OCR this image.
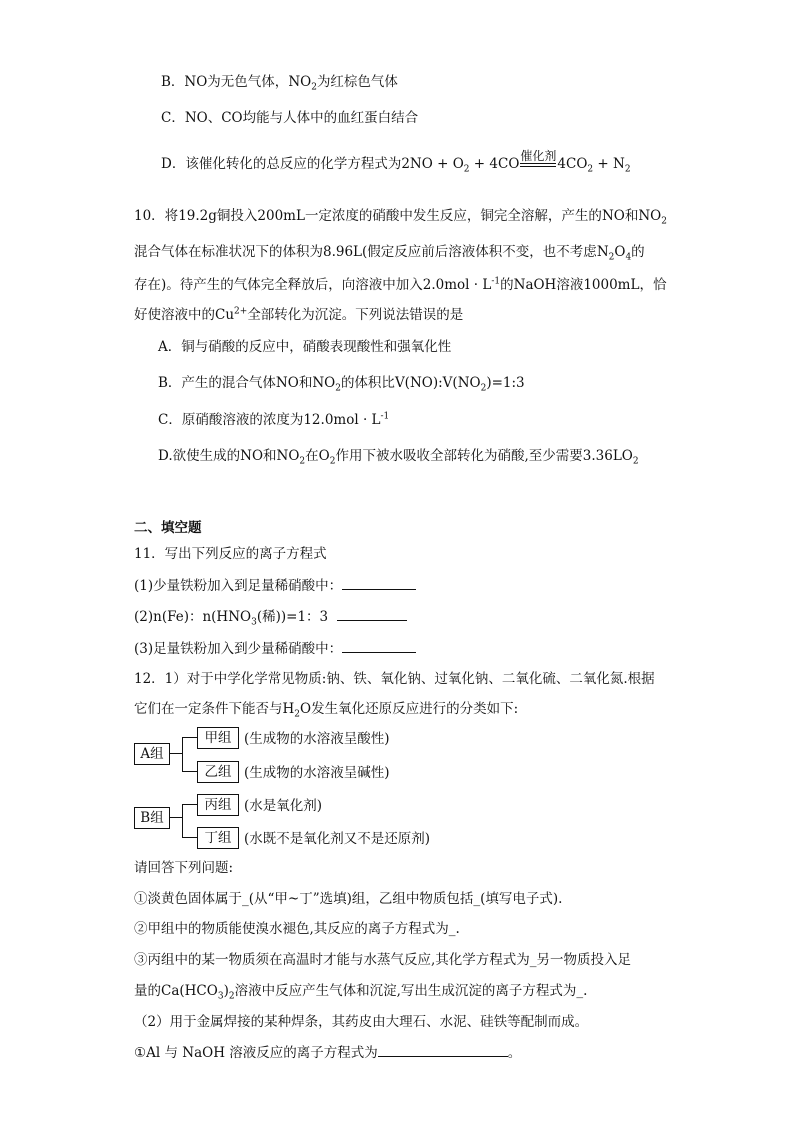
B．NO为无色气体，$NO_2$为红棕色气体
C．NO、CO均能与人体中的血红蛋白结合
D．该催化转化的总反应的化学方程式为$2NO + O_2 + 4CO$ 催化剂 $4CO_2 + N_2$
10．将19.2g铜投入200mL一定浓度的硝酸中发生反应，铜完全溶解，产生的NO和$NO_2$
混合气体在标准状况下的体积为8.96L(假定反应前后溶液体积不变，也不考虑$N_2O_4$的
存在)。待产生的气体完全释放后，向溶液中加入$2.0mol \cdot L^{-1}$的NaOH溶液1000mL，恰
好使溶液中的$Cu^{2+}$全部转化为沉淀。下列说法错误的是
A．铜与硝酸的反应中，硝酸表现酸性和强氧化性
B．产生的混合气体NO和$NO_2$的体积比$V(NO):V(NO_2)=1:3$
C．原硝酸溶液的浓度为$12.0mol \cdot L^{-1}$
D.欲使生成的NO和$NO_2$在$O_2$作用下被水吸收全部转化为硝酸,至少需要$3.36LO_2$
二、填空题
11．写出下列反应的离子方程式
(1)少量铁粉加入到足量稀硝酸中：
(2)n(Fe)：$n(HNO_3$(稀))=1：3
(3)足量铁粉加入到少量稀硝酸中：
12．1）对于中学化学常见物质:钠、铁、氧化钠、过氧化钠、二氧化硫、二氧化氮.根据
它们在一定条件下能否与$H_2O$发生氧化还原反应进行的分类如下:
A组
甲组 (生成物的水溶液呈酸性)
乙组 (生成物的水溶液呈碱性)
B组
丙组 (水是氧化剂)
丁组 (水既不是氧化剂又不是还原剂)
请回答下列问题:
①淡黄色固体属于_(从“甲~丁”选填)组，乙组中物质包括_(填写电子式).
②甲组中的物质能使溴水褪色,其反应的离子方程式为_.
③丙组中的某一物质须在高温时才能与水蒸气反应,其化学方程式为_另一物质投入足
量的$Ca(HCO_3)_2$溶液中反应产生气体和沉淀,写出生成沉淀的离子方程式为_.
（2）用于金属焊接的某种焊条，其药皮由大理石、水泥、硅铁等配制而成。
①Al 与 NaOH 溶液反应的离子方程式为	。
